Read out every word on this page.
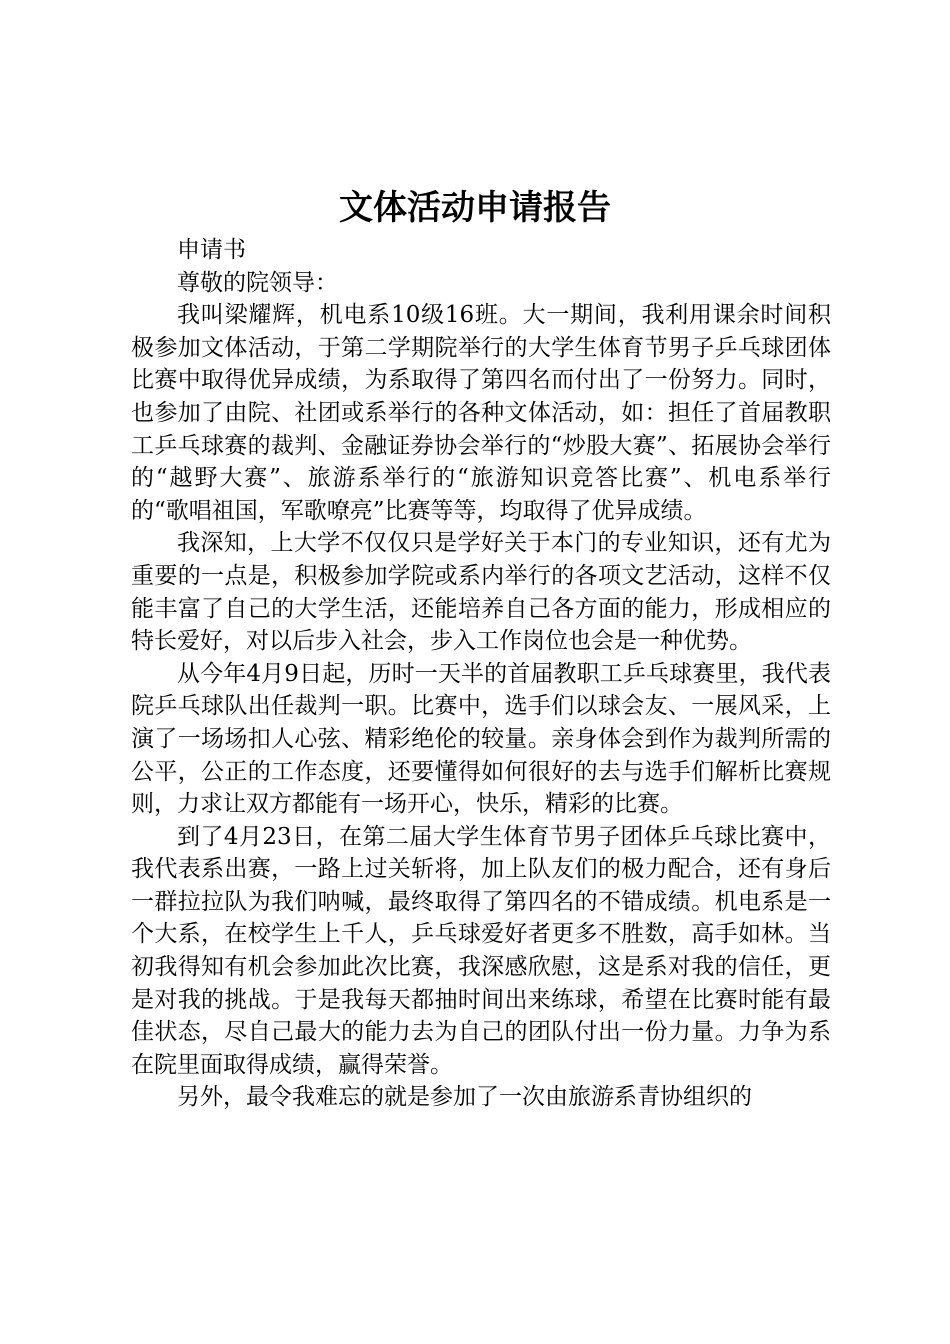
文体活动申请报告

申请书

尊敬的院领导：

我叫梁耀辉，机电系10级16班。大一期间，我利用课余时间积极参加文体活动，于第二学期院举行的大学生体育节男子乒乓球团体比赛中取得优异成绩，为系取得了第四名而付出了一份努力。同时，也参加了由院、社团或系举行的各种文体活动，如：担任了首届教职工乒乓球赛的裁判、金融证券协会举行的“炒股大赛”、拓展协会举行的“越野大赛”、旅游系举行的“旅游知识竞答比赛”、机电系举行的“歌唱祖国，军歌嘹亮”比赛等等，均取得了优异成绩。

我深知，上大学不仅仅只是学好关于本门的专业知识，还有尤为重要的一点是，积极参加学院或系内举行的各项文艺活动，这样不仅能丰富了自己的大学生活，还能培养自己各方面的能力，形成相应的特长爱好，对以后步入社会，步入工作岗位也会是一种优势。

从今年4月9日起，历时一天半的首届教职工乒乓球赛里，我代表院乒乓球队出任裁判一职。比赛中，选手们以球会友、一展风采，上演了一场场扣人心弦、精彩绝伦的较量。亲身体会到作为裁判所需的公平，公正的工作态度，还要懂得如何很好的去与选手们解析比赛规则，力求让双方都能有一场开心，快乐，精彩的比赛。

到了4月23日，在第二届大学生体育节男子团体乒乓球比赛中，我代表系出赛，一路上过关斩将，加上队友们的极力配合，还有身后一群拉拉队为我们呐喊，最终取得了第四名的不错成绩。机电系是一个大系，在校学生上千人，乒乓球爱好者更多不胜数，高手如林。当初我得知有机会参加此次比赛，我深感欣慰，这是系对我的信任，更是对我的挑战。于是我每天都抽时间出来练球，希望在比赛时能有最佳状态，尽自己最大的能力去为自己的团队付出一份力量。力争为系在院里面取得成绩，赢得荣誉。

另外，最令我难忘的就是参加了一次由旅游系青协组织的
